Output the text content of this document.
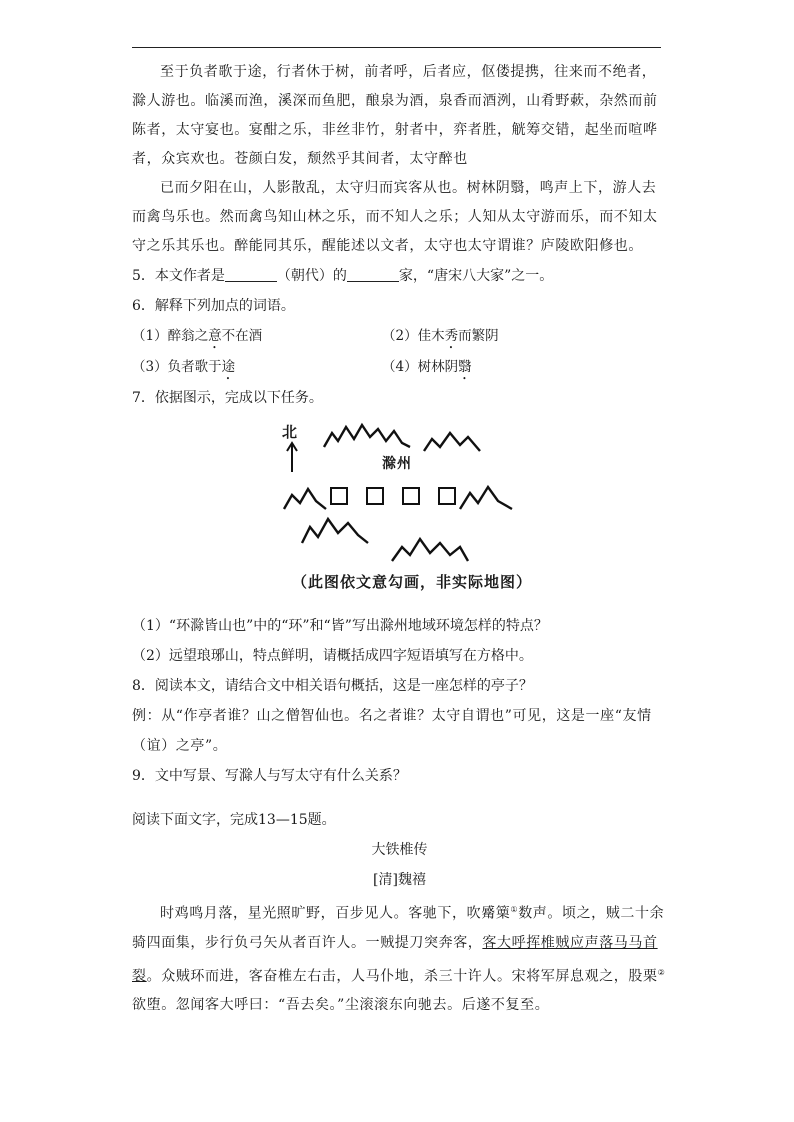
至于负者歌于途，行者休于树，前者呼，后者应，伛偻提携，往来而不绝者，滁人游也。临溪而渔，溪深而鱼肥，酿泉为酒，泉香而酒洌，山肴野蔌，杂然而前陈者，太守宴也。宴酣之乐，非丝非竹，射者中，弈者胜，觥筹交错，起坐而喧哗者，众宾欢也。苍颜白发，颓然乎其间者，太守醉也

已而夕阳在山，人影散乱，太守归而宾客从也。树林阴翳，鸣声上下，游人去而禽鸟乐也。然而禽鸟知山林之乐，而不知人之乐；人知从太守游而乐，而不知太守之乐其乐也。醉能同其乐，醒能述以文者，太守也太守谓谁？庐陵欧阳修也。

5．本文作者是	（朝代）的	家，“唐宋八大家”之一。
6．解释下列加点的词语。
（1）醉翁之意不在酒	（2）佳木秀而繁阴
（3）负者歌于途	（4）树林阴翳
7．依据图示，完成以下任务。
北
滁州
（此图依文意勾画，非实际地图）
（1）“环滁皆山也”中的“环”和“皆”写出滁州地域环境怎样的特点？
（2）远望琅琊山，特点鲜明，请概括成四字短语填写在方格中。
8．阅读本文，请结合文中相关语句概括，这是一座怎样的亭子？

例：从“作亭者谁？山之僧智仙也。名之者谁？太守自谓也”可见，这是一座“友情（谊）之亭”。

9．文中写景、写滁人与写太守有什么关系？
阅读下面文字，完成13—15题。
大铁椎传
[清]魏禧

时鸡鸣月落，星光照旷野，百步见人。客驰下，吹觱篥①数声。顷之，贼二十余骑四面集，步行负弓矢从者百许人。一贼提刀突奔客，客大呼挥椎贼应声落马马首裂。众贼环而进，客奋椎左右击，人马仆地，杀三十许人。宋将军屏息观之，股栗②欲堕。忽闻客大呼曰：“吾去矣。”尘滚滚东向驰去。后遂不复至。
